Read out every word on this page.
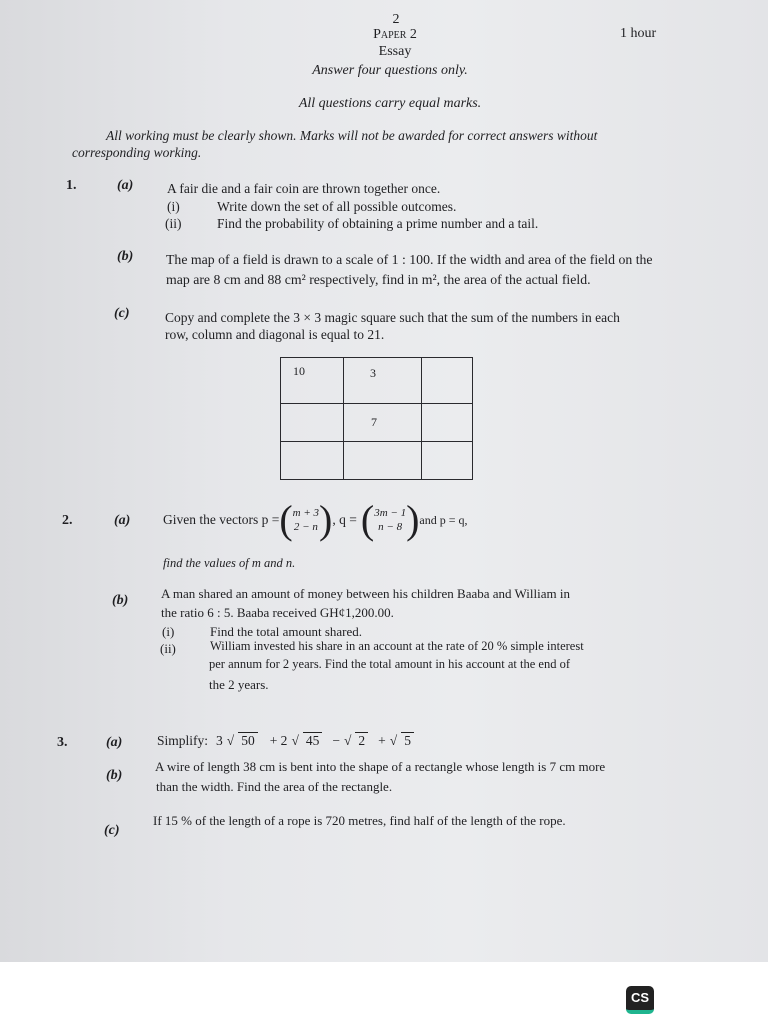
2
Paper 2
Essay
1 hour
Answer four questions only.
All questions carry equal marks.
All working must be clearly shown. Marks will not be awarded for correct answers without
corresponding working.
1.	(a) A fair die and a fair coin are thrown together once.
(i)	Write down the set of all possible outcomes.
(ii)	Find the probability of obtaining a prime number and a tail.
(b) The map of a field is drawn to a scale of 1 : 100. If the width and area of the field on the
map are 8 cm and 88 cm² respectively, find in m², the area of the actual field.
(c)	Copy and complete the 3 × 3 magic square such that the sum of the numbers in each
row, column and diagonal is equal to 21.
10	3	
	7	

2.	(a) Given the vectors p = ( m + 3
2 − n ) , q = ( 3m − 1
n − 8 ) and p = q,
find the values of m and n.
(b)	A man shared an amount of money between his children Baaba and William in
the ratio 6 : 5. Baaba received GH¢1,200.00.
(i)	Find the total amount shared.
(ii)	William invested his share in an account at the rate of 20 % simple interest
per annum for 2 years. Find the total amount in his account at the end of
the 2 years.
3.	(a)	Simplify: 3 √ 50 + 2 √ 45 − √ 2 + √ 5
(b)
A wire of length 38 cm is bent into the shape of a rectangle whose length is 7 cm more
than the width. Find the area of the rectangle.
(c)
If 15 % of the length of a rope is 720 metres, find half of the length of the rope.
CS
